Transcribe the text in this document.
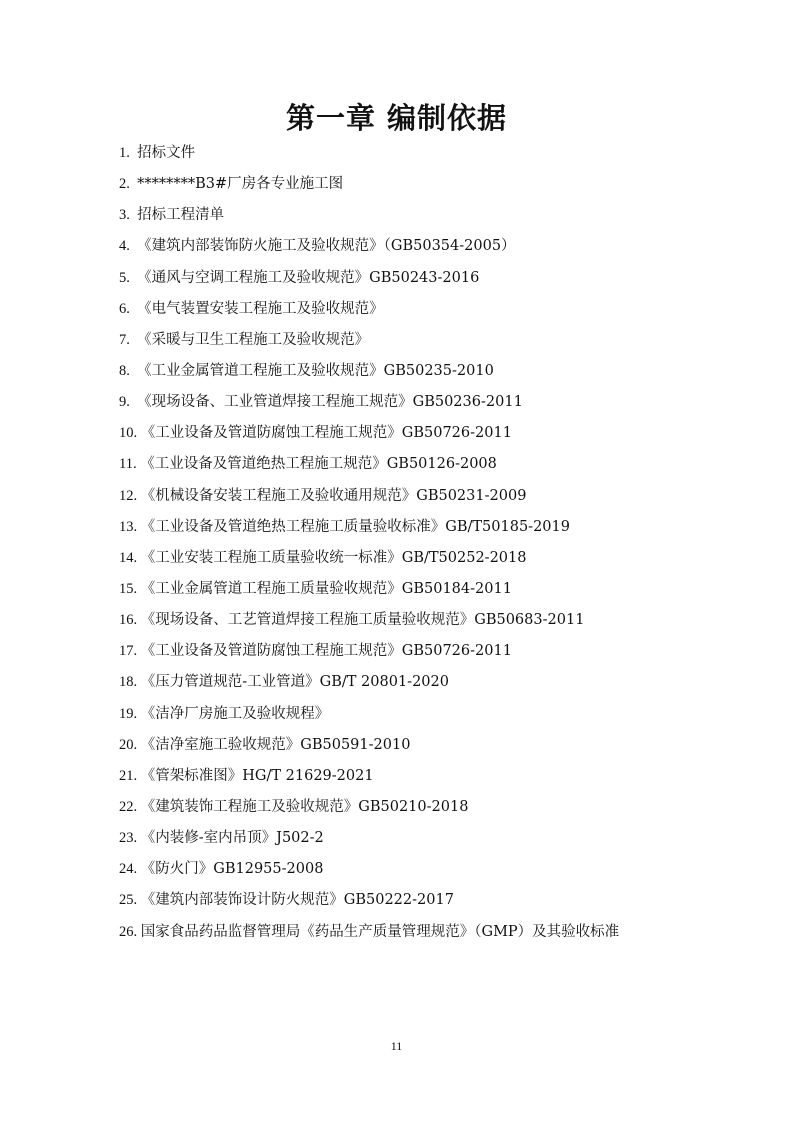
第一章 编制依据
1.  招标文件
2.  ********B3#厂房各专业施工图
3.  招标工程清单
4.  《建筑内部装饰防火施工及验收规范》（GB50354-2005）
5.  《通风与空调工程施工及验收规范》GB50243-2016
6.  《电气装置安装工程施工及验收规范》
7.  《采暖与卫生工程施工及验收规范》
8.  《工业金属管道工程施工及验收规范》GB50235-2010
9.  《现场设备、工业管道焊接工程施工规范》GB50236-2011
10. 《工业设备及管道防腐蚀工程施工规范》GB50726-2011
11. 《工业设备及管道绝热工程施工规范》GB50126-2008
12. 《机械设备安装工程施工及验收通用规范》GB50231-2009
13. 《工业设备及管道绝热工程施工质量验收标准》GB/T50185-2019
14. 《工业安装工程施工质量验收统一标准》GB/T50252-2018
15. 《工业金属管道工程施工质量验收规范》GB50184-2011
16. 《现场设备、工艺管道焊接工程施工质量验收规范》GB50683-2011
17. 《工业设备及管道防腐蚀工程施工规范》GB50726-2011
18. 《压力管道规范-工业管道》GB/T 20801-2020
19. 《洁净厂房施工及验收规程》
20. 《洁净室施工验收规范》GB50591-2010
21. 《管架标准图》HG/T 21629-2021
22. 《建筑装饰工程施工及验收规范》GB50210-2018
23. 《内装修-室内吊顶》J502-2
24. 《防火门》GB12955-2008
25. 《建筑内部装饰设计防火规范》GB50222-2017
26. 国家食品药品监督管理局《药品生产质量管理规范》（GMP）及其验收标准
11
